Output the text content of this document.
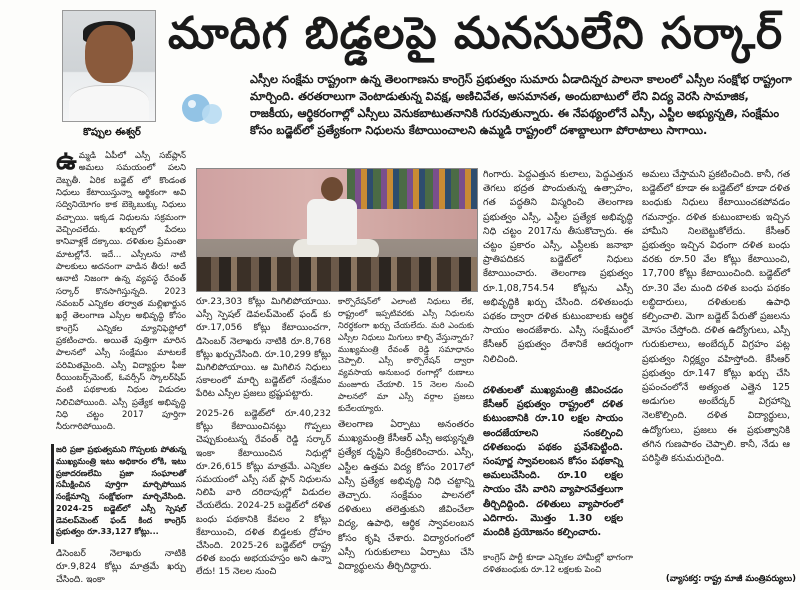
కొప్పుల ఈశ్వర్
మాదిగ బిడ్డలపై మనసులేని సర్కార్
ఎస్సీల సంక్షేమ రాష్ట్రంగా ఉన్న తెలంగాణను కాంగ్రెస్ ప్రభుత్వం సుమారు ఏడాదిన్నర పాలనా కాలంలో ఎస్సీల సంక్షోభ రాష్ట్రంగా మార్చింది. తరతరాలుగా వెంటాడుతున్న వివక్ష, అణిచివేత, అసమానత, అందుబాటులో లేని విద్య వెరసి సామాజిక, రాజకీయ, ఆర్థికరంగాల్లో ఎస్సీలు వెనుకబాటుతనానికి గురవుతున్నారు. ఈ నేపథ్యంలోనే ఎస్సీ, ఎస్టీల అభ్యున్నతి, సంక్షేమం కోసం బడ్జెట్‌లో ప్రత్యేకంగా నిధులను కేటాయించాలని ఉమ్మడి రాష్ట్రంలో దశాబ్దాలుగా పోరాటాలు సాగాయి.
ఉ మ్మడి ఏపీలో ఎస్సీ సబ్‌ప్లాన్ అమలు సమయంలో పలని దెబ్బతీ. ఏరిక బడ్జెట్ లో కొండంత నిధులు కేటాయిస్తున్నా ఆర్థికంగా అవి సద్వినియోగం కాక బెక్కెబుక్కు నిధులు వచ్చాయి. ఇక్కడ నిధులను సక్రమంగా వెచ్చించలేదు. ఖర్చులో పేదలు కానివాళ్లకే దక్కాయి. దళితుల ప్రేమంతా మాటల్లోనే. ఇదే... ఎస్సీలను నాటి పాలకులు అదనంగా వాడిన తీరు! అదే ఆనాటి నిజంగా ఉన్న వ్యవస్థ రేవంత్ సర్కార్ కొనసాగిస్తున్నది. 2023 నవంబర్ ఎన్నికల తర్వాత మల్లిఖార్జున ఖర్గే తెలంగాణ ఎస్సీల అభివృద్ధి కోసం కాంగ్రెస్ ఎన్నికల మ్యానిఫెస్టోలో ప్రకటించారు. అయితే పుత్తిగా మారిన పాలనలో ఎస్సీ సంక్షేమం మాటలకే పరిమితమైంది. ఎస్సీ విద్యార్థుల ఫీజు రీయింబర్స్‌మెంట్, ఓవర్సీస్ స్కాలర్‌షిప్ వంటి పథకాలకు నిధుల విడుదల నిలిచిపోయింది. ఎస్సీ ప్రత్యేక అభివృద్ధి నిధి చట్టం 2017 పూర్తిగా నీరుగారిపోయింది.
జరి ప్రజా ప్రభుత్వమని గొప్పలకు పోతున్న ముఖ్యమంత్రి ఇటు అధికారం లోకి, ఇటు ప్రజాదరణలేమి ప్రజా సంఘాలతో సమీక్షించిన పూర్తిగా మార్చిపోయిన సంక్షేమాన్ని సంక్షోభంగా మార్చివేసింది. 2024-25 బడ్జెట్‌లో ఎస్సీ స్పెషల్ డెవలప్‌మెంట్ ఫండ్ కింద కాంగ్రెస్ ప్రభుత్వం రూ.33,127 కోట్లు...
డిసెంబర్ నెలాఖరు నాటికి రూ.9,824 కోట్లు మాత్రమే ఖర్చు చేసింది. ఇంకా
రూ.23,303 కోట్లు మిగిలిపోయాయి. ఎస్సీ స్పెషల్ డెవలప్‌మెంట్ ఫండ్ కు రూ.17,056 కోట్లు కేటాయించగా, డిసెంబర్ నెలాఖరు నాటికి రూ.8,768 కోట్లు ఖర్చుచేసింది. రూ.10,299 కోట్లు మిగిలిపోయాయి. ఆ మిగిలిన నిధులు సకాలంలో మార్చి బడ్జెట్‌లో సంక్షేమం పేరిట ఎస్సీల ప్రజలు భ్రష్టుపట్టారు.
2025-26 బడ్జెట్‌లో రూ.40,232 కోట్లు కేటాయించినట్లు గొప్పలు చెప్పుకుంటున్న రేవంత్ రెడ్డి సర్కార్ ఇంకా కేటాయించిన నిధుల్లో రూ.26,615 కోట్లు మాత్రమే. ఎన్నికల సమయంలో ఎస్సీ సబ్ ప్లాన్ నిధులను నిలిపి వారి దరిదాపుల్లో విడుదల చేయలేదు. 2024-25 బడ్జెట్‌లో దళిత బంధు పథకానికి కేవలం 2 కోట్లు కేటాయించి, దళిత బిడ్డలకు ద్రోహం చేసింది. 2025-26 బడ్జెట్‌లో రాష్ట్ర దళిత బంధు అభయహస్తం అని ఉన్నా లేదు! 15 నెలల నుంచి
కార్పొరేషన్‌లో ఎలాంటి నిధులు లేక, రాష్ట్రంలో ఇప్పటివరకు ఎస్సీ నిధులను నిరర్థకంగా ఖర్చు చేయలేదు. మరి ఎందుకు ఎస్సీల నిధులు మిగులు కాల్చి వేస్తున్నారు? ముఖ్యమంత్రి రేవంత్ రెడ్డి సమాధానం చెప్పాలి. ఎస్సీ కార్పొరేషన్ ద్వారా వ్యవసాయ అనుబంధ రంగాల్లో రుణాలు మంజూరు చేయాలి. 15 నెలల నుంచి పాలనలో మా ఎస్సీ వర్గాల ప్రజలు కుదేలయ్యారు.
తెలంగాణ ఏర్పాటు అనంతరం ముఖ్యమంత్రి కేసీఆర్ ఎస్సీ అభ్యున్నతి ప్రత్యేక దృష్టిని కేంద్రీకరించారు. ఎస్సీ, ఎస్టీల ఉత్తమ విద్య కోసం 2017లో ఎస్సీ ప్రత్యేక అభివృద్ధి నిధి చట్టాన్ని తెచ్చారు. సంక్షేమం పాలనలో దళితులు తలెత్తుకుని జీవించేలా విద్య, ఉపాధి, ఆర్థిక స్వావలంబన కోసం కృషి చేశారు. విద్యారంగంలో ఎస్సీ గురుకులాలు ఏర్పాటు చేసి విద్యార్థులను తీర్చిదిద్దారు.
గింగారు. పెద్దఎత్తున కులాలు, పెద్దఎత్తున తెగలు భద్రత పొందుతున్న ఉత్సాహం, గత పద్ధతిని విస్మరించి తెలంగాణ ప్రభుత్వం ఎస్సీ, ఎస్టీల ప్రత్యేక అభివృద్ధి నిధి చట్టం 2017ను తీసుకొచ్చారు. ఈ చట్టం ప్రకారం ఎస్సీ, ఎస్టీలకు జనాభా ప్రాతిపదికన బడ్జెట్‌లో నిధులు కేటాయించారు. తెలంగాణ ప్రభుత్వం రూ.1,08,754.54 కోట్లను ఎస్సీ అభివృద్ధికి ఖర్చు చేసింది. దళితబంధు పథకం ద్వారా దళిత కుటుంబాలకు ఆర్థిక సాయం అందజేశారు. ఎస్సీ సంక్షేమంలో కేసీఆర్ ప్రభుత్వం దేశానికే ఆదర్శంగా నిలిచింది.
దళితులతో ముఖ్యమంత్రి జీవించడం కేసీఆర్ ప్రభుత్వం రాష్ట్రంలో దళిత కుటుంబానికి రూ.10 లక్షల సాయం అందజేయాలని సంకల్పించి దళితబంధు పథకం ప్రవేశపెట్టింది. సంపూర్ణ స్వావలంబన కోసం పథకాన్ని అమలుచేసింది. రూ.10 లక్షల సాయం చేసి వారిని వ్యాపారవేత్తలుగా తీర్చిదిద్దింది. దళితులు వ్యాపారంలో ఎదిగారు. మొత్తం 1.30 లక్షల మందికి ప్రయోజనం కల్పించారు.
కాంగ్రెస్ పార్టీ కూడా ఎన్నికల హామీల్లో భాగంగా దళితబంధుకు రూ.12 లక్షలకు పెంచి
అమలు చేస్తామని ప్రకటించింది. కానీ, గత బడ్జెట్‌లో కూడా ఈ బడ్జెట్‌లో కూడా దళిత బంధుకు నిధులు కేటాయించకపోవడం గమనార్హం. దళిత కుటుంబాలకు ఇచ్చిన హామీని నిలబెట్టుకోలేదు. కేసీఆర్ ప్రభుత్వం ఇచ్చిన విధంగా దళిత బంధు వరకు రూ.50 వేల కోట్లు కేటాయించి, 17,700 కోట్లు కేటాయించింది. బడ్జెట్‌లో రూ.30 వేల మంది దళిత బంధు పథకం లబ్ధిదారులు, దళితులకు ఉపాధి కల్పించాలి. మెగా బడ్జెట్ పేరుతో ప్రజలను మోసం చేస్తోంది. దళిత ఉద్యోగులు, ఎస్సీ గురుకులాలు, అంబేద్కర్ విగ్రహం పట్ల ప్రభుత్వం నిర్లక్ష్యం వహిస్తోంది. కేసీఆర్ ప్రభుత్వం రూ.147 కోట్లు ఖర్చు చేసి ప్రపంచంలోనే అత్యంత ఎత్తైన 125 అడుగుల అంబేద్కర్ విగ్రహాన్ని నెలకొల్పింది. దళిత విద్యార్థులు, ఉద్యోగులు, ప్రజలు ఈ ప్రభుత్వానికి తగిన గుణపాఠం చెప్పాలి. కానీ, నేడు ఆ పరిస్థితి కనుమరుగైంది.
(వ్యాసకర్త: రాష్ట్ర మాజీ మంత్రివర్యులు)
